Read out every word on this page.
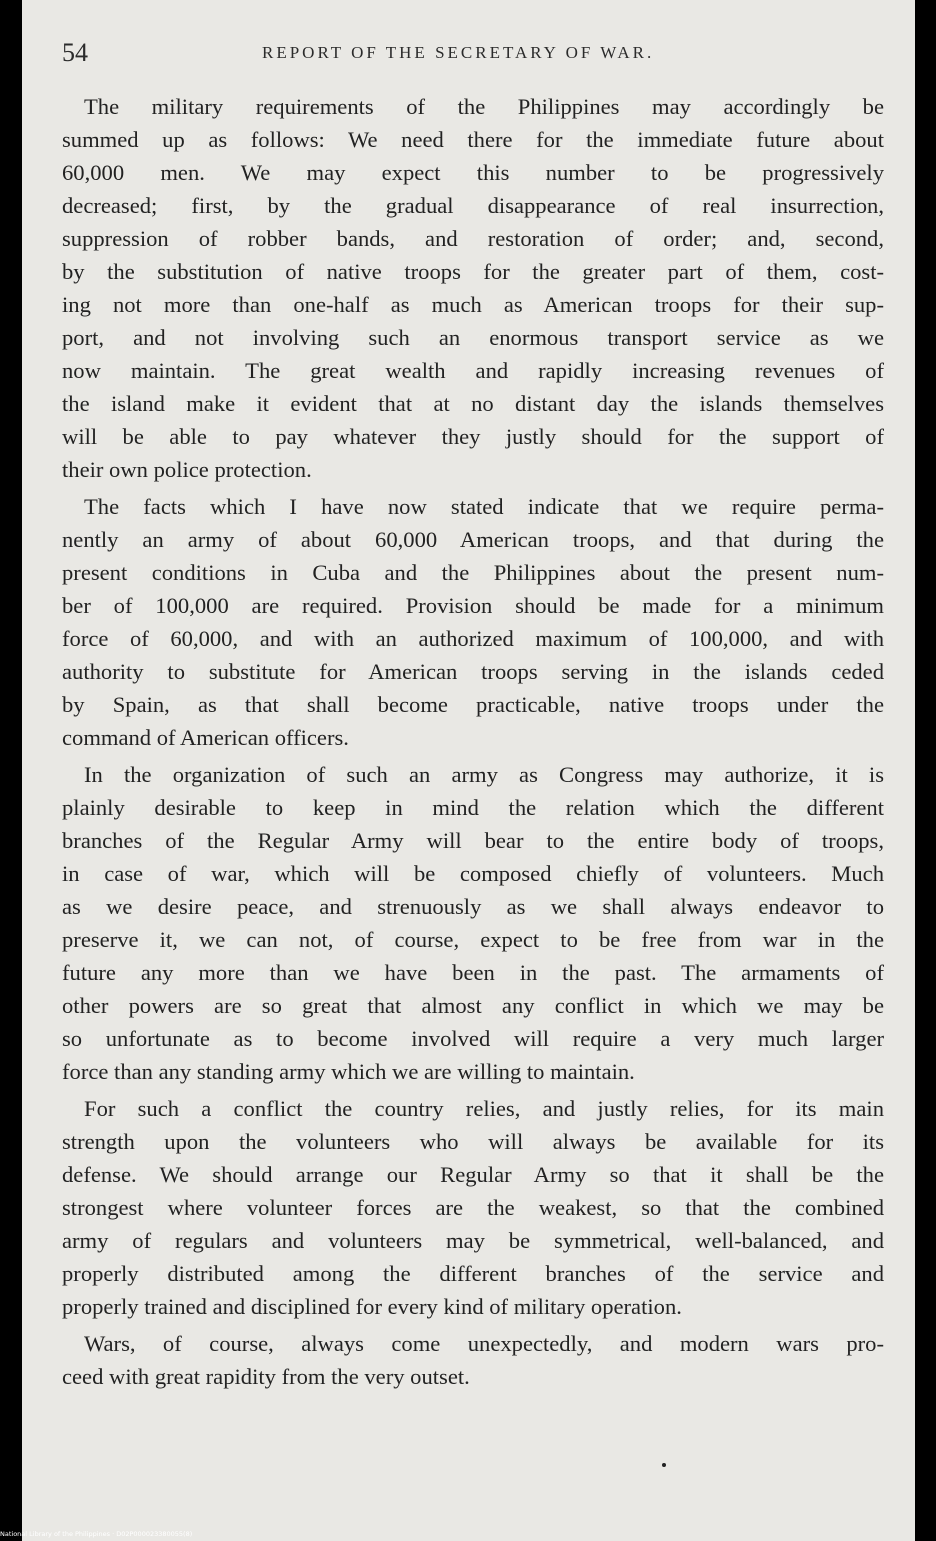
54	REPORT OF THE SECRETARY OF WAR.
The military requirements of the Philippines may accordingly be
summed up as follows: We need there for the immediate future about
60,000 men. We may expect this number to be progressively
decreased; first, by the gradual disappearance of real insurrection,
suppression of robber bands, and restoration of order; and, second,
by the substitution of native troops for the greater part of them, cost-
ing not more than one-half as much as American troops for their sup-
port, and not involving such an enormous transport service as we
now maintain. The great wealth and rapidly increasing revenues of
the island make it evident that at no distant day the islands themselves
will be able to pay whatever they justly should for the support of
their own police protection.
The facts which I have now stated indicate that we require perma-
nently an army of about 60,000 American troops, and that during the
present conditions in Cuba and the Philippines about the present num-
ber of 100,000 are required. Provision should be made for a minimum
force of 60,000, and with an authorized maximum of 100,000, and with
authority to substitute for American troops serving in the islands ceded
by Spain, as that shall become practicable, native troops under the
command of American officers.
In the organization of such an army as Congress may authorize, it is
plainly desirable to keep in mind the relation which the different
branches of the Regular Army will bear to the entire body of troops,
in case of war, which will be composed chiefly of volunteers. Much
as we desire peace, and strenuously as we shall always endeavor to
preserve it, we can not, of course, expect to be free from war in the
future any more than we have been in the past. The armaments of
other powers are so great that almost any conflict in which we may be
so unfortunate as to become involved will require a very much larger
force than any standing army which we are willing to maintain.
For such a conflict the country relies, and justly relies, for its main
strength upon the volunteers who will always be available for its
defense. We should arrange our Regular Army so that it shall be the
strongest where volunteer forces are the weakest, so that the combined
army of regulars and volunteers may be symmetrical, well-balanced, and
properly distributed among the different branches of the service and
properly trained and disciplined for every kind of military operation.
Wars, of course, always come unexpectedly, and modern wars pro-
ceed with great rapidity from the very outset.
National Library of the Philippines · D02P000023380055(8)
